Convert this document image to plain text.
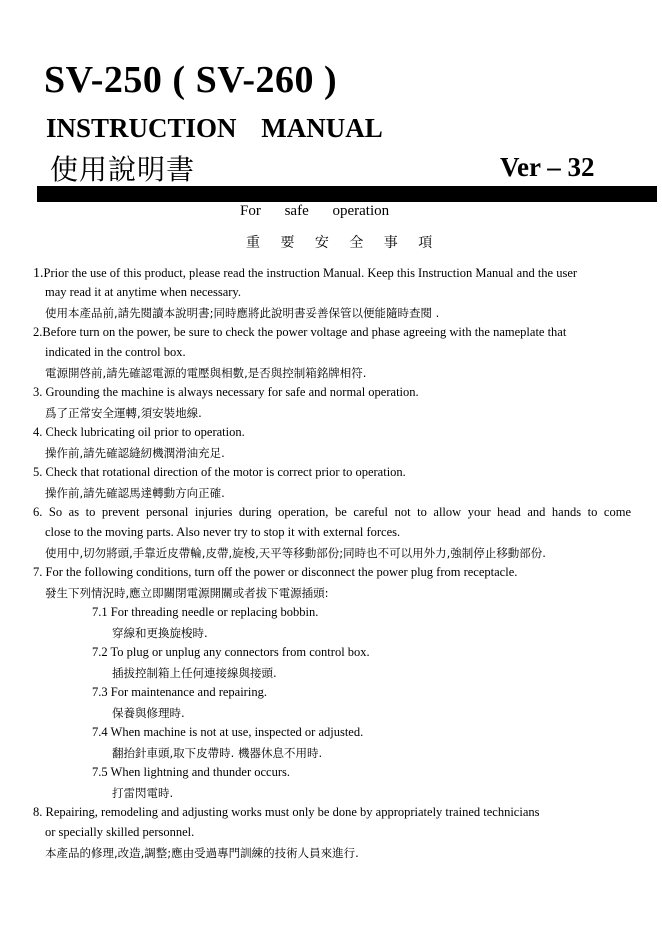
SV-250 ( SV-260 )
INSTRUCTION MANUAL
使用說明書	Ver – 32
For safe operation
重 要 安 全 事 項
1.Prior the use of this product, please read the instruction Manual. Keep this Instruction Manual and the user
may read it at anytime when necessary.
使用本產品前,請先閱讀本說明書;同時應將此說明書妥善保管以便能隨時查閱 .
2.Before turn on the power, be sure to check the power voltage and phase agreeing with the nameplate that
indicated in the control box.
電源開啓前,請先確認電源的電壓與相數,是否與控制箱銘牌相符.
3. Grounding the machine is always necessary for safe and normal operation.
爲了正常安全運轉,須安裝地線.
4. Check lubricating oil prior to operation.
操作前,請先確認縫紉機潤滑油充足.
5. Check that rotational direction of the motor is correct prior to operation.
操作前,請先確認馬達轉動方向正確.
6. So as to prevent personal injuries during operation, be careful not to allow your head and hands to come
close to the moving parts. Also never try to stop it with external forces.
使用中,切勿將頭,手靠近皮帶輪,皮帶,旋梭,天平等移動部份;同時也不可以用外力,強制停止移動部份.
7. For the following conditions, turn off the power or disconnect the power plug from receptacle.
發生下列情況時,應立即關閉電源開關或者拔下電源插頭:
7.1 For threading needle or replacing bobbin.
穿線和更換旋梭時.
7.2 To plug or unplug any connectors from control box.
插拔控制箱上任何連接線與接頭.
7.3 For maintenance and repairing.
保養與修理時.
7.4 When machine is not at use, inspected or adjusted.
翻抬針車頭,取下皮帶時. 機器休息不用時.
7.5 When lightning and thunder occurs.
打雷閃電時.
8. Repairing, remodeling and adjusting works must only be done by appropriately trained technicians
or specially skilled personnel.
本產品的修理,改造,調整;應由受過專門訓練的技術人員來進行.
